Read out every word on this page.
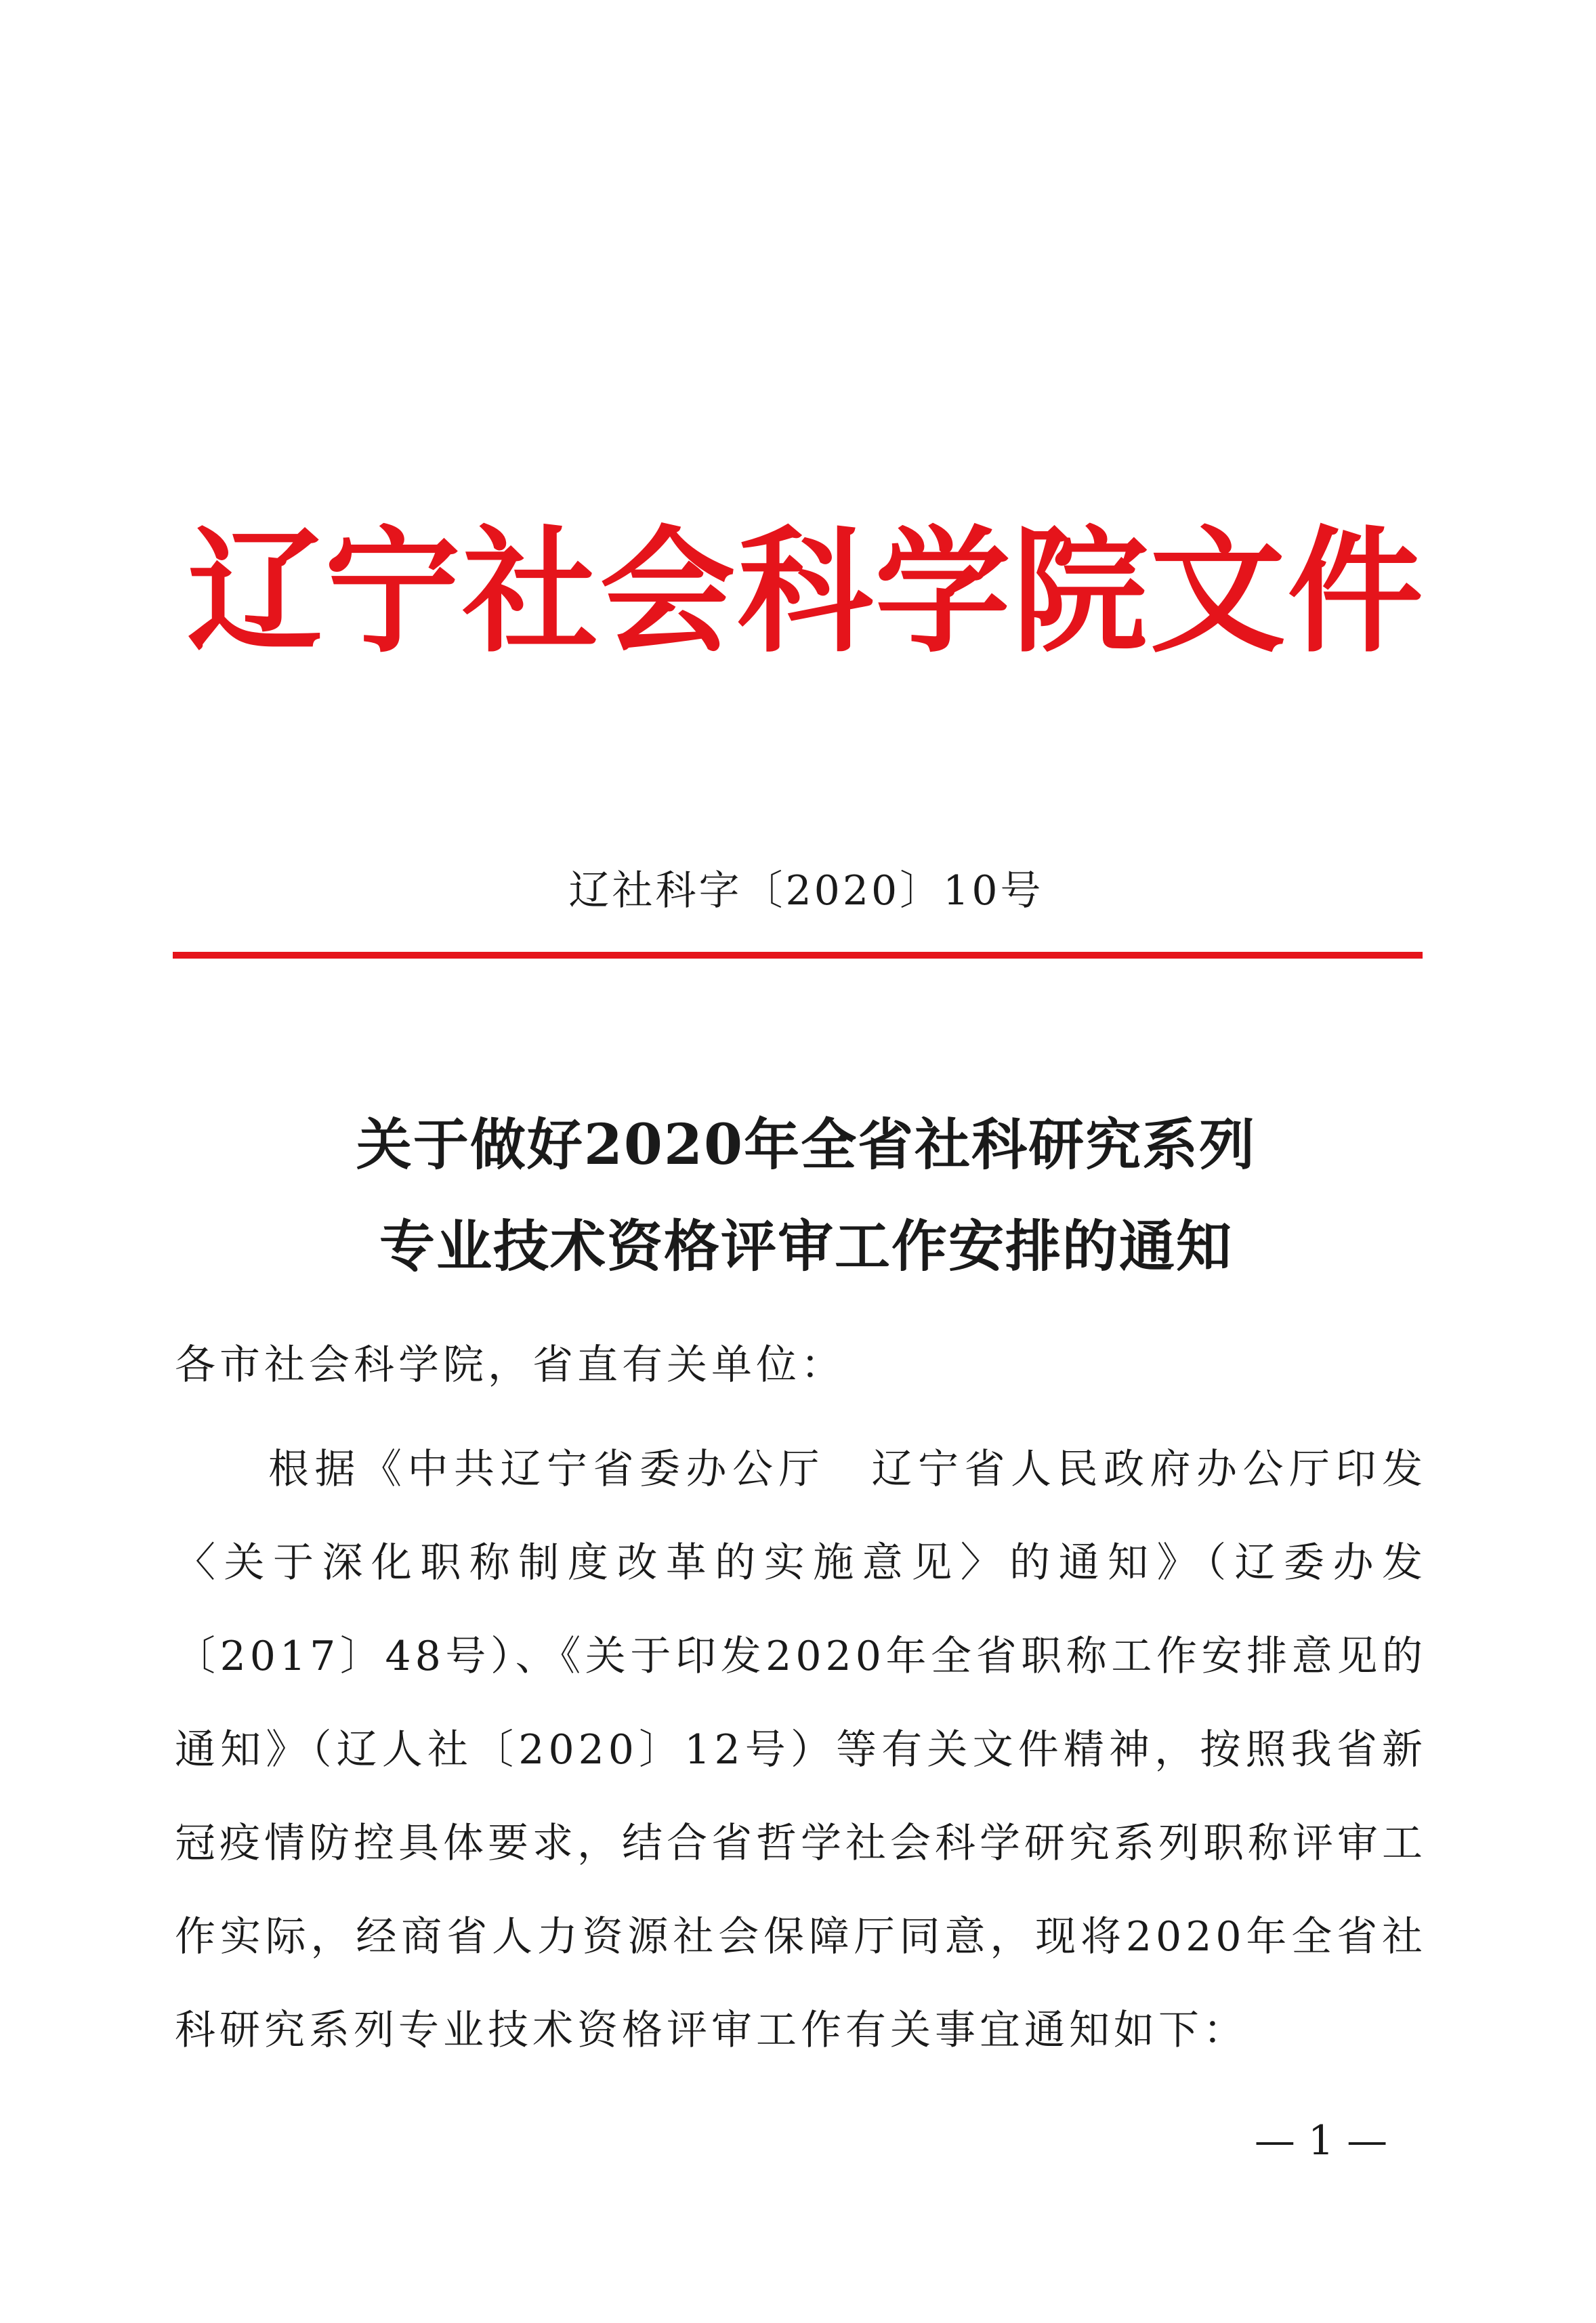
辽宁社会科学院文件
辽社科字〔2020〕10号
关于做好2020年全省社科研究系列
专业技术资格评审工作安排的通知
各市社会科学院，省直有关单位：
根据《中共辽宁省委办公厅　辽宁省人民政府办公厅印发〈关于深化职称制度改革的实施意见〉的通知》（辽委办发〔2017〕48号）、《关于印发2020年全省职称工作安排意见的通知》（辽人社〔2020〕12号）等有关文件精神，按照我省新冠疫情防控具体要求，结合省哲学社会科学研究系列职称评审工作实际，经商省人力资源社会保障厅同意，现将2020年全省社科研究系列专业技术资格评审工作有关事宜通知如下：
— 1 —
